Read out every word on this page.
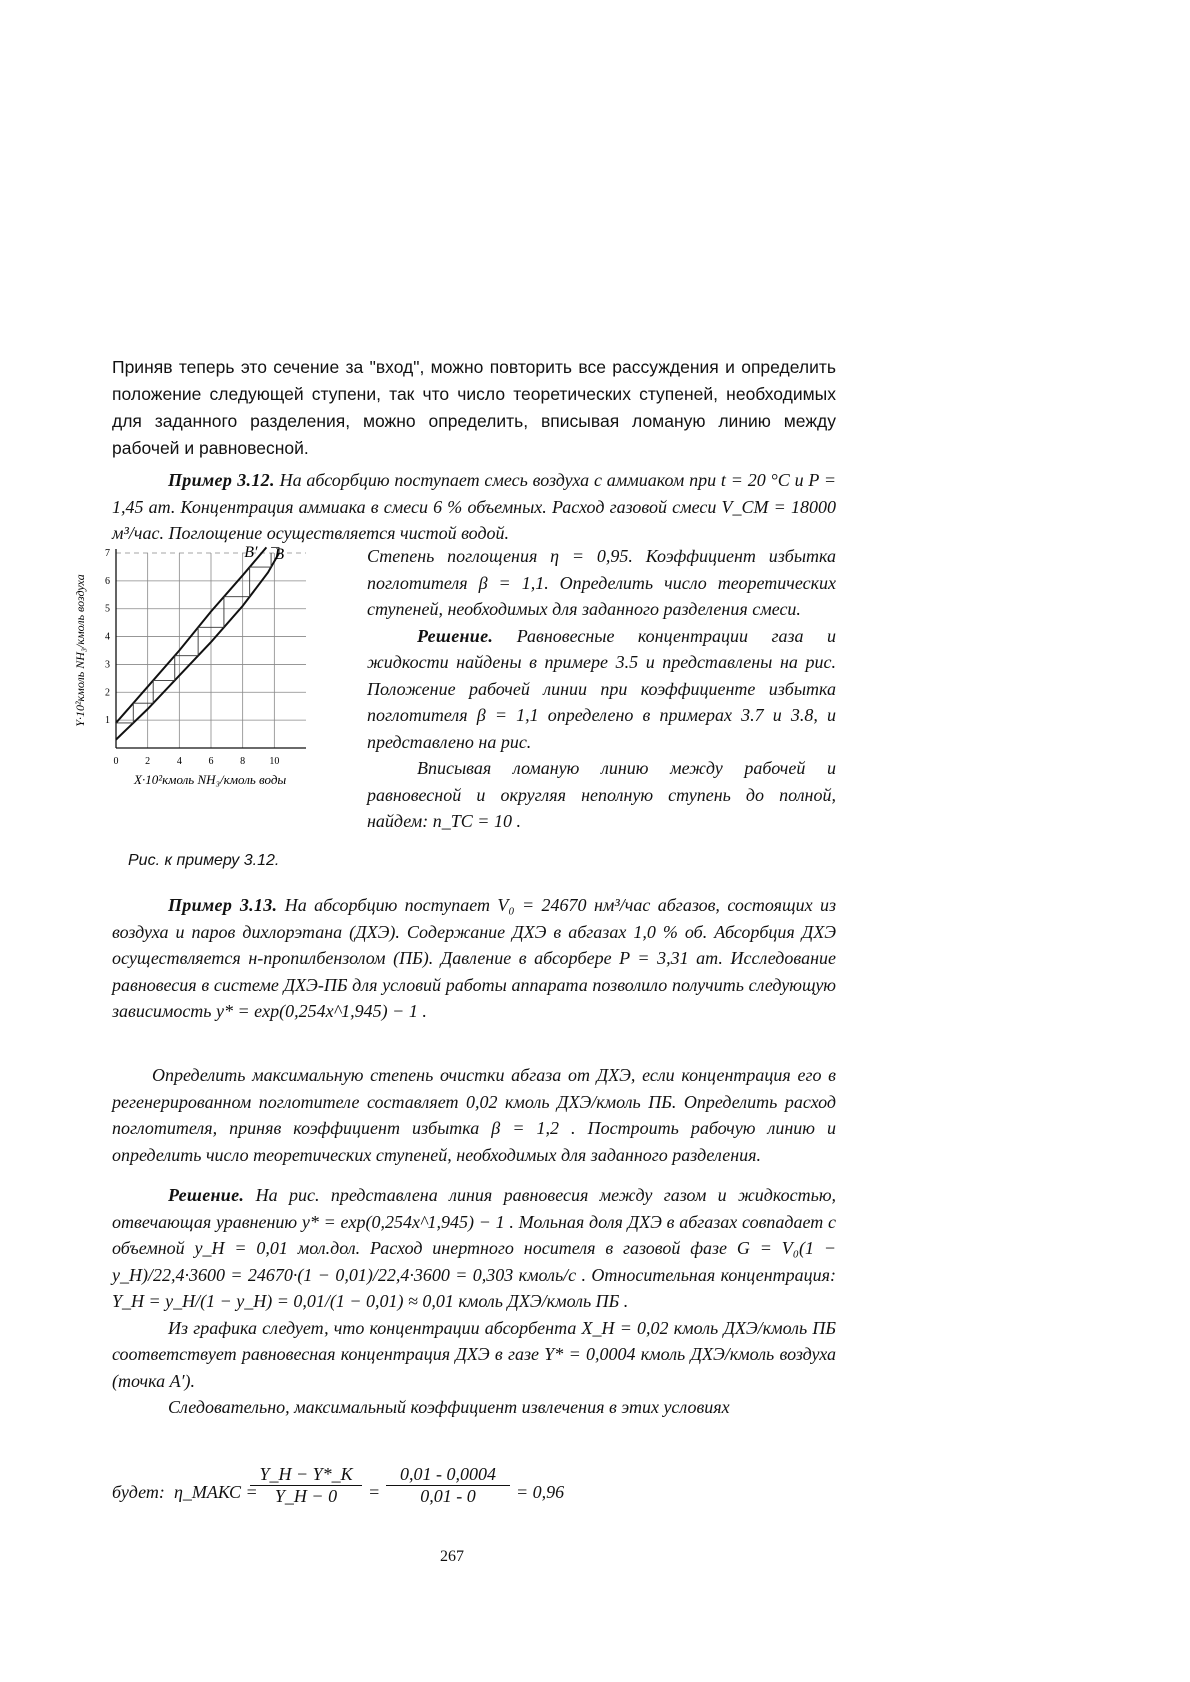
Приняв теперь это сечение за "вход", можно повторить все рассуждения и определить положение следующей ступени, так что число теоретических ступеней, необходимых для заданного разделения, можно определить, вписывая ломаную линию между рабочей и равновесной.

Пример 3.12. На абсорбцию поступает смесь воздуха с аммиаком при t = 20 °C и P = 1,45 ат. Концентрация аммиака в смеси 6 % объемных. Расход газовой смеси V_СМ = 18000 м³/час. Поглощение осуществляется чистой водой.

Степень поглощения η = 0,95. Коэффициент избытка поглотителя β = 1,1. Определить число теоретических ступеней, необходимых для заданного разделения смеси.
Решение. Равновесные концентрации газа и жидкости найдены в примере 3.5 и представлены на рис. Положение рабочей линии при коэффициенте избытка поглотителя β = 1,1 определено в примерах 3.7 и 3.8, и представлено на рис.
Вписывая ломаную линию между рабочей и равновесной и округляя неполную ступень до полной, найдем: n_ТС = 10 .
0	2	4	6	8 10
1
2
3
4
5
6
7	B′ B
X·10²кмоль NH₃/кмоль воды
Y·10²кмоль NH₃/кмоль воздуха
Рис. к примеру 3.12.

Пример 3.13. На абсорбцию поступает V₀ = 24670 нм³/час абгазов, состоящих из воздуха и паров дихлорэтана (ДХЭ). Содержание ДХЭ в абгазах 1,0 % об. Абсорбция ДХЭ осуществляется н-пропилбензолом (ПБ). Давление в абсорбере P = 3,31 ат. Исследование равновесия в системе ДХЭ-ПБ для условий работы аппарата позволило получить следующую зависимость y* = exp(0,254x^1,945) − 1 .

Определить максимальную степень очистки абгаза от ДХЭ, если концентрация его в регенерированном поглотителе составляет 0,02 кмоль ДХЭ/кмоль ПБ. Определить расход поглотителя, приняв коэффициент избытка β = 1,2 . Построить рабочую линию и определить число теоретических ступеней, необходимых для заданного разделения.

Решение. На рис. представлена линия равновесия между газом и жидкостью, отвечающая уравнению y* = exp(0,254x^1,945) − 1 . Мольная доля ДХЭ в абгазах совпадает с объемной y_Н = 0,01 мол.дол. Расход инертного носителя в газовой фазе G = V₀(1 − y_Н)/22,4·3600 = 24670·(1 − 0,01)/22,4·3600 = 0,303 кмоль/с . Относительная концентрация: Y_Н = y_Н/(1 − y_Н) = 0,01/(1 − 0,01) ≈ 0,01 кмоль ДХЭ/кмоль ПБ .
Из графика следует, что концентрации абсорбента X_Н = 0,02 кмоль ДХЭ/кмоль ПБ соответствует равновесная концентрация ДХЭ в газе Y* = 0,0004 кмоль ДХЭ/кмоль воздуха (точка А′).
Следовательно, максимальный коэффициент извлечения в этих условиях
будет: η_МАКС =
Y_Н − Y*_К
Y_Н − 0	= $\frac{0,01 - 0,0004}{0,01 - 0} = 0,96$
267
